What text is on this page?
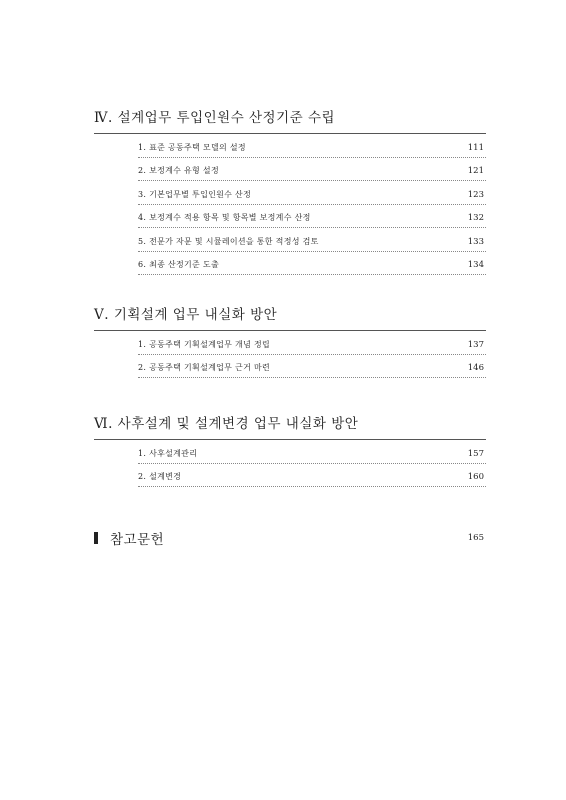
Ⅳ. 설계업무 투입인원수 산정기준 수립
1. 표준 공동주택 모델의 설정	111
2. 보정계수 유형 설정	121
3. 기본업무별 투입인원수 산정	123
4. 보정계수 적용 항목 및 항목별 보정계수 산정	132
5. 전문가 자문 및 시뮬레이션을 통한 적정성 검토	133
6. 최종 산정기준 도출	134
Ⅴ. 기획설계 업무 내실화 방안
1. 공동주택 기획설계업무 개념 정립	137
2. 공동주택 기획설계업무 근거 마련	146
Ⅵ. 사후설계 및 설계변경 업무 내실화 방안
1. 사후설계관리	157
2. 설계변경	160
참고문헌	165
